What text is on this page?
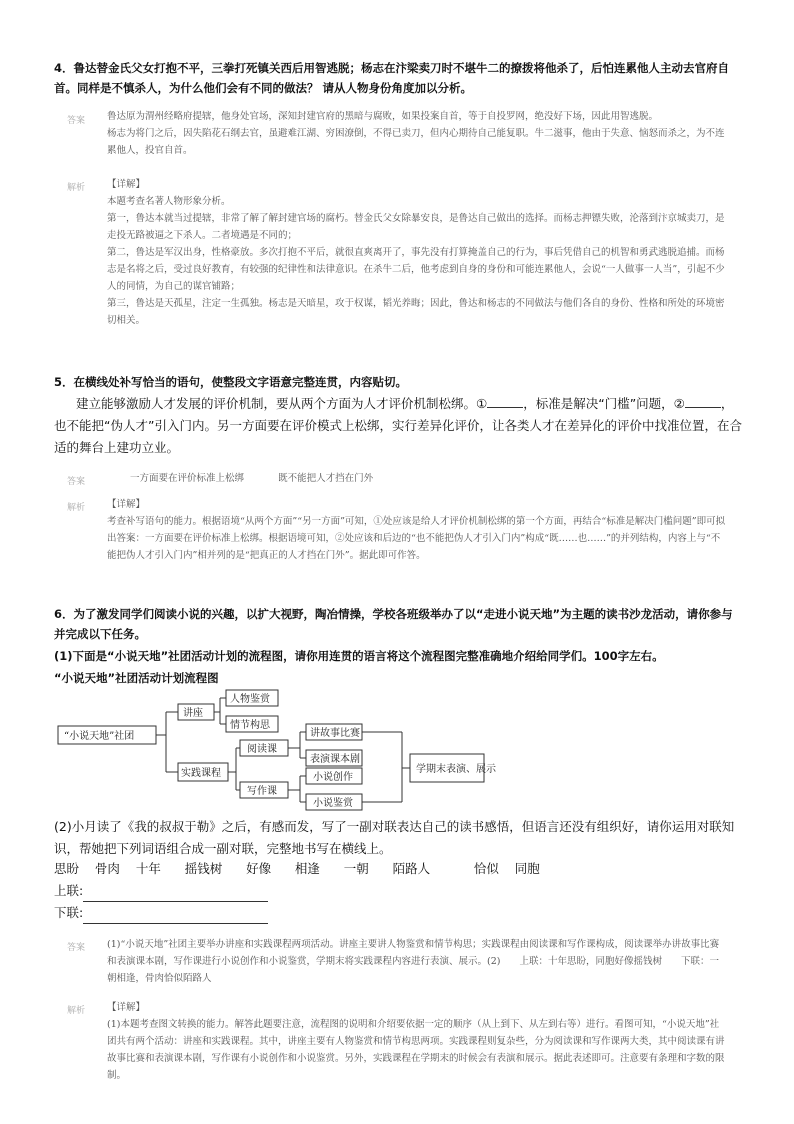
4．鲁达替金氏父女打抱不平，三拳打死镇关西后用智逃脱；杨志在汴梁卖刀时不堪牛二的撩拨将他杀了，后怕连累他人主动去官府自首。同样是不慎杀人，为什么他们会有不同的做法？ 请从人物身份角度加以分析。

答案 鲁达原为渭州经略府提辖，他身处官场，深知封建官府的黑暗与腐败，如果投案自首，等于自投罗网，绝没好下场，因此用智逃脱。

杨志为将门之后，因失陷花石纲去官，虽避难江湖、穷困潦倒，不得已卖刀，但内心期待自己能复职。牛二滋事，他由于失意、恼怒而杀之，为不连累他人，投官自首。

解析 【详解】

本题考查名著人物形象分析。

第一，鲁达本就当过提辖，非常了解了解封建官场的腐朽。替金氏父女除暴安良，是鲁达自己做出的选择。而杨志押镖失败，沦落到汴京城卖刀，是走投无路被逼之下杀人。二者境遇是不同的；

第二，鲁达是军汉出身，性格豪放。多次打抱不平后，就很直爽离开了，事先没有打算掩盖自己的行为，事后凭借自己的机智和勇武逃脱追捕。而杨志是名将之后，受过良好教育，有较强的纪律性和法律意识。在杀牛二后，他考虑到自身的身份和可能连累他人，会说“一人做事一人当”，引起不少人的同情，为自己的谋官铺路；

第三，鲁达是天孤星，注定一生孤独。杨志是天暗星，攻于权谋，韬光养晦；因此，鲁达和杨志的不同做法与他们各自的身份、性格和所处的环境密切相关。

5．在横线处补写恰当的语句，使整段文字语意完整连贯，内容贴切。

建立能够激励人才发展的评价机制，要从两个方面为人才评价机制松绑。①	，标准是解决“门槛”问题，②	，也不能把“伪人才”引入门内。另一方面要在评价模式上松绑，实行差异化评价，让各类人才在差异化的评价中找准位置，在合适的舞台上建功立业。

答案	一方面要在评价标准上松绑	既不能把人才挡在门外
解析 【详解】

考查补写语句的能力。根据语境“从两个方面”“另一方面”可知，①处应该是给人才评价机制松绑的第一个方面，再结合“标准是解决门槛问题”即可拟出答案：一方面要在评价标准上松绑。根据语境可知，②处应该和后边的“也不能把伪人才引入门内”构成“既……也……”的并列结构，内容上与“不能把伪人才引入门内”相并列的是“把真正的人才挡在门外”。据此即可作答。

6．为了激发同学们阅读小说的兴趣，以扩大视野，陶冶情操，学校各班级举办了以“走进小说天地”为主题的读书沙龙活动，请你参与并完成以下任务。

(1)下面是“小说天地”社团活动计划的流程图，请你用连贯的语言将这个流程图完整准确地介绍给同学们。100字左右。

“小说天地”社团活动计划流程图

“小说天地”社团
讲座
人物鉴赏
情节构思
实践课程
阅读课
写作课
讲故事比赛
表演课本剧
小说创作
小说鉴赏
学期末表演、展示

(2)小月读了《我的叔叔于勒》之后，有感而发，写了一副对联表达自己的读书感悟，但语言还没有组织好，请你运用对联知识，帮她把下列词语组合成一副对联，完整地书写在横线上。

思盼 骨肉 十年 摇钱树 好像 相逢 一朝 陌路人	恰似 同胞
上联:
下联:
答案 (1)“小说天地”社团主要举办讲座和实践课程两项活动。讲座主要讲人物鉴赏和情节构思；实践课程由阅读课和写作课构成，阅读课举办讲故事比赛和表演课本剧，写作课进行小说创作和小说鉴赏，学期末将实践课程内容进行表演、展示。(2)　　上联：十年思盼，同胞好像摇钱树　　下联：一朝相逢，骨肉恰似陌路人

解析 【详解】

(1)本题考查图文转换的能力。解答此题要注意，流程图的说明和介绍要依据一定的顺序（从上到下、从左到右等）进行。看图可知，“小说天地”社团共有两个活动：讲座和实践课程。其中，讲座主要有人物鉴赏和情节构思两项。实践课程则复杂些，分为阅读课和写作课两大类，其中阅读课有讲故事比赛和表演课本剧，写作课有小说创作和小说鉴赏。另外，实践课程在学期末的时候会有表演和展示。据此表述即可。注意要有条理和字数的限制。
